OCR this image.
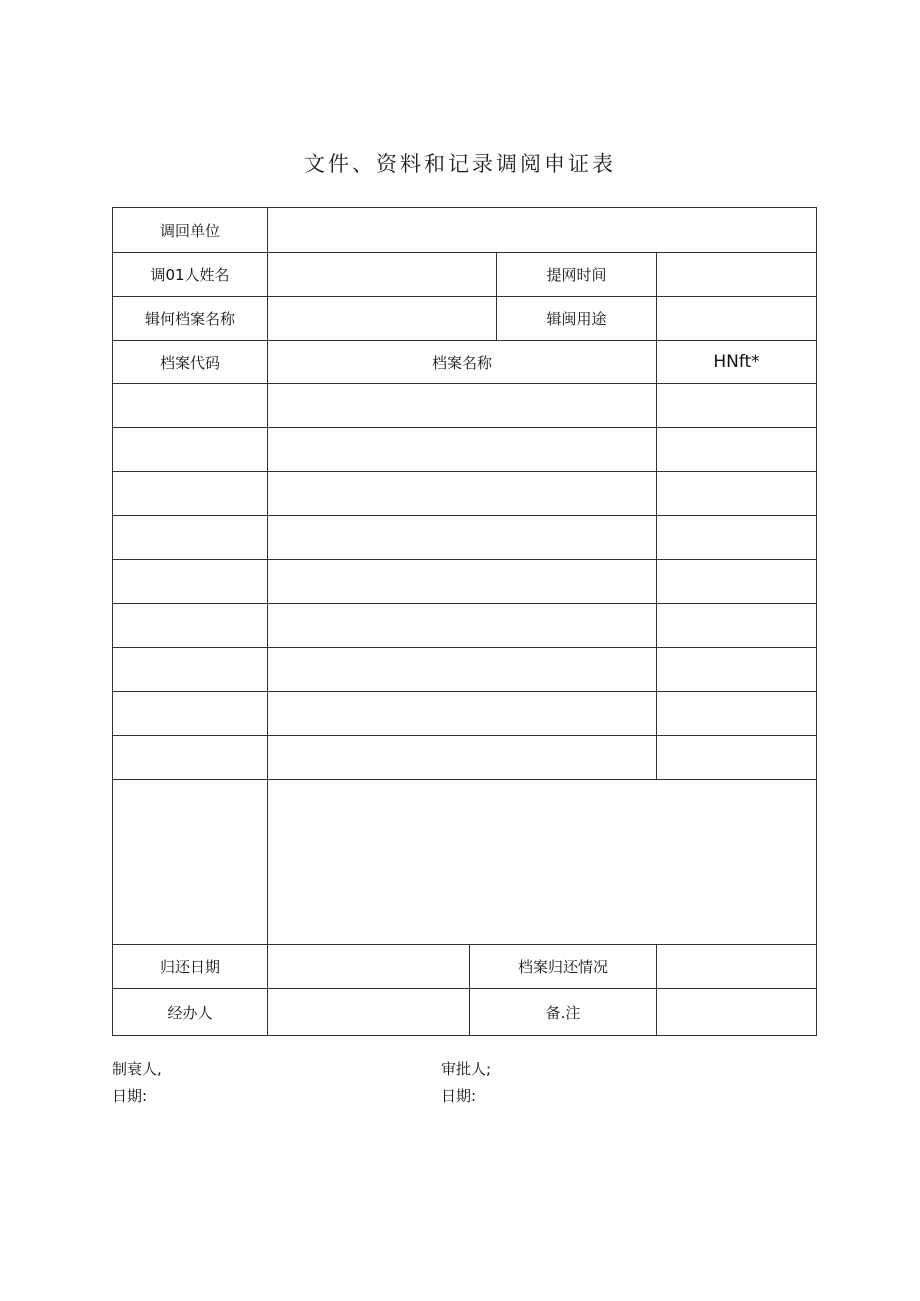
文件、资料和记录调阅申证表
调回单位				
调01人姓名			提网时间	
辑何档案名称			辑闽用途	
档案代码	档案名称			HNft*

归还日期		档案归还情况		
经办人		备.注		
制衰人,
日期:
审批人;
日期:
